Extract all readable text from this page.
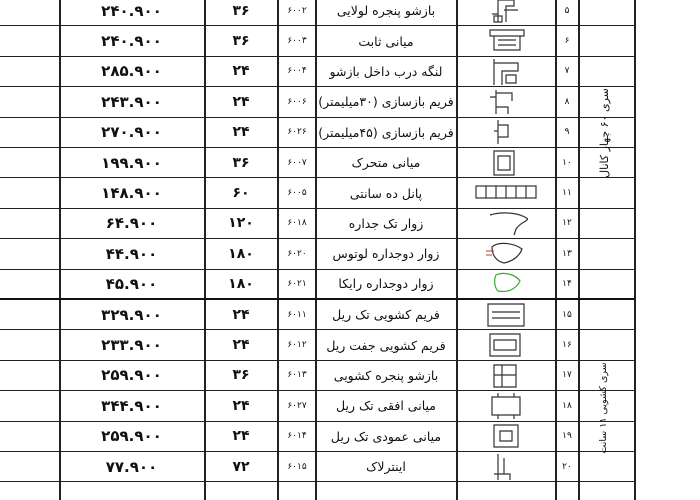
۲۴۰.۹۰۰	۳۶	۶۰۰۲	بازشو پنجره لولایی	۵
۲۴۰.۹۰۰	۳۶	۶۰۰۳	میانی ثابت	۶
۲۸۵.۹۰۰	۲۴	۶۰۰۴	لنگه درب داخل بازشو	۷
۲۴۳.۹۰۰	۲۴	۶۰۰۶ فریم بازسازی (۳۰میلیمتر)	۸
۲۷۰.۹۰۰	۲۴	۶۰۲۶ فریم بازسازی (۴۵میلیمتر)	۹
۱۹۹.۹۰۰	۳۶	۶۰۰۷	میانی متحرک	۱۰
۱۴۸.۹۰۰	۶۰	۶۰۰۵	پانل ده سانتی	۱۱
۶۴.۹۰۰	۱۲۰	۶۰۱۸	زوار تک جداره	۱۲
۴۴.۹۰۰	۱۸۰	۶۰۲۰	زوار دوجداره لوتوس	۱۳
۴۵.۹۰۰	۱۸۰	۶۰۲۱	زوار دوجداره رایکا	۱۴
۳۲۹.۹۰۰	۲۴	۶۰۱۱	فریم کشویی تک ریل	۱۵
۲۳۳.۹۰۰	۲۴	۶۰۱۲	فریم کشویی جفت ریل	۱۶
۲۵۹.۹۰۰	۳۶	۶۰۱۳	بازشو پنجره کشویی	۱۷
۳۴۴.۹۰۰	۲۴	۶۰۲۷	میانی افقی تک ریل	۱۸
۲۵۹.۹۰۰	۲۴	۶۰۱۴	میانی عمودی تک ریل	۱۹
۷۷.۹۰۰	۷۲	۶۰۱۵	اینترلاک	۲۰
سری ۶۰ چهار کانال
سری کشویی ۱۱ سانت
